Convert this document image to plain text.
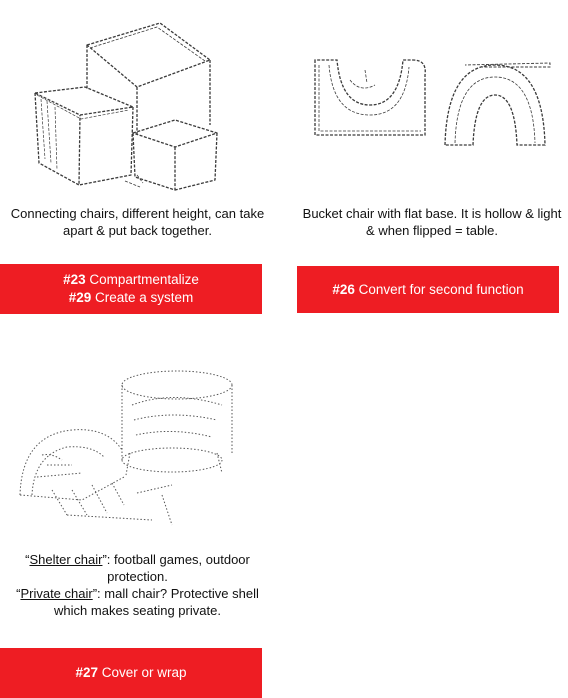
Connecting chairs, different height, can take
apart & put back together.
#23 Compartmentalize
#29 Create a system
Bucket chair with flat base. It is hollow & light
& when flipped = table.
#26 Convert for second function
“Shelter chair”: football games, outdoor
protection.
“Private chair”: mall chair? Protective shell
which makes seating private.
#27 Cover or wrap
